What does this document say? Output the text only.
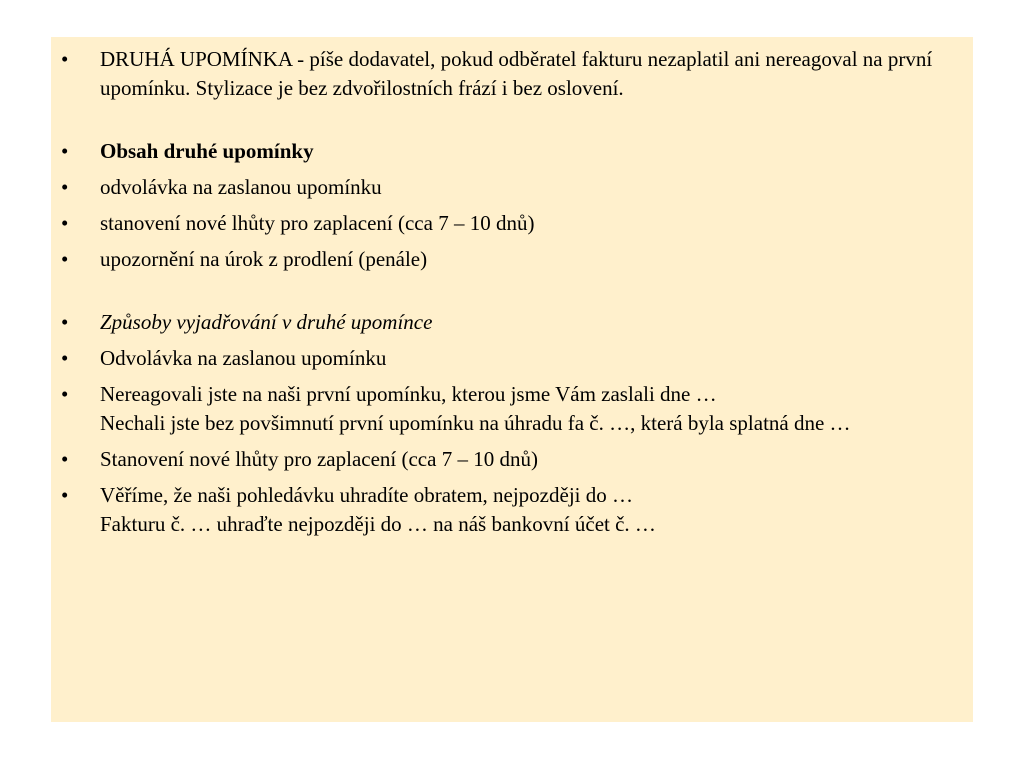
• DRUHÁ UPOMÍNKA - píše dodavatel, pokud odběratel fakturu nezaplatil ani nereagoval na první upomínku. Stylizace je bez zdvořilostních frází i bez oslovení.
• Obsah druhé upomínky
• odvolávka na zaslanou upomínku
• stanovení nové lhůty pro zaplacení (cca 7 – 10 dnů)
• upozornění na úrok z prodlení (penále)
• Způsoby vyjadřování v druhé upomínce
• Odvolávka na zaslanou upomínku
• Nereagovali jste na naši první upomínku, kterou jsme Vám zaslali dne …
Nechali jste bez povšimnutí první upomínku na úhradu fa č. …, která byla splatná dne …
• Stanovení nové lhůty pro zaplacení (cca 7 – 10 dnů)
• Věříme, že naši pohledávku uhradíte obratem, nejpozději do …
Fakturu č. … uhraďte nejpozději do … na náš bankovní účet č. …
